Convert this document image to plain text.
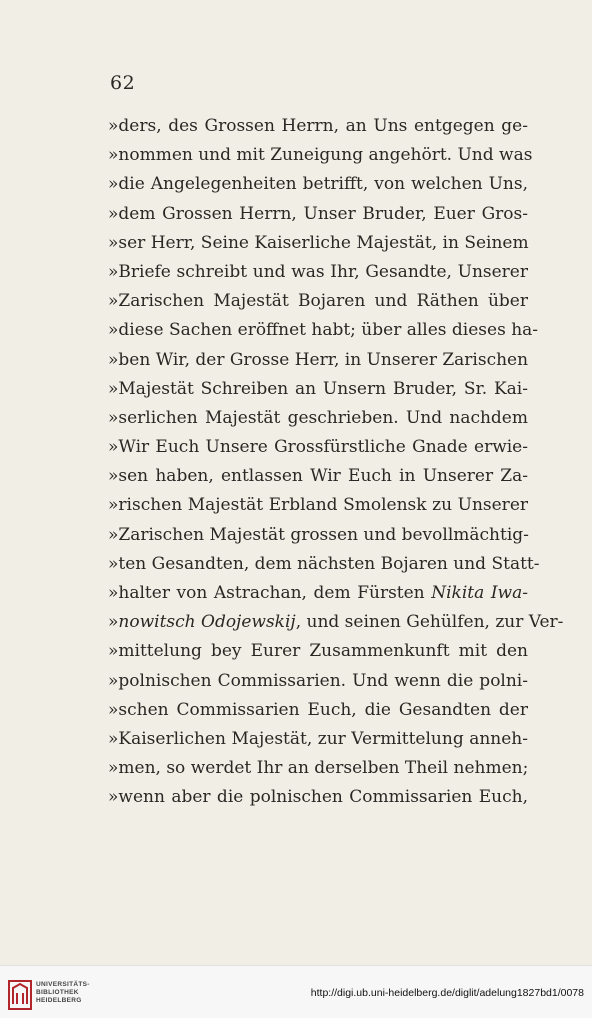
62
»ders, des Grossen Herrn, an Uns entgegen ge-
»nommen und mit Zuneigung angehört. Und was
»die Angelegenheiten betrifft, von welchen Uns,
»dem Grossen Herrn, Unser Bruder, Euer Gros-
»ser Herr, Seine Kaiserliche Majestät, in Seinem
»Briefe schreibt und was Ihr, Gesandte, Unserer
»Zarischen Majestät Bojaren und Räthen über
»diese Sachen eröffnet habt; über alles dieses ha-
»ben Wir, der Grosse Herr, in Unserer Zarischen
»Majestät Schreiben an Unsern Bruder, Sr. Kai-
»serlichen Majestät geschrieben. Und nachdem
»Wir Euch Unsere Grossfürstliche Gnade erwie-
»sen haben, entlassen Wir Euch in Unserer Za-
»rischen Majestät Erbland Smolensk zu Unserer
»Zarischen Majestät grossen und bevollmächtig-
»ten Gesandten, dem nächsten Bojaren und Statt-
»halter von Astrachan, dem Fürsten Nikita Iwa-
»nowitsch Odojewskij, und seinen Gehülfen, zur Ver-
»mittelung bey Eurer Zusammenkunft mit den
»polnischen Commissarien. Und wenn die polni-
»schen Commissarien Euch, die Gesandten der
»Kaiserlichen Majestät, zur Vermittelung anneh-
»men, so werdet Ihr an derselben Theil nehmen;
»wenn aber die polnischen Commissarien Euch,
UNIVERSITÄTS-
BIBLIOTHEK
HEIDELBERG
http://digi.ub.uni-heidelberg.de/diglit/adelung1827bd1/0078
